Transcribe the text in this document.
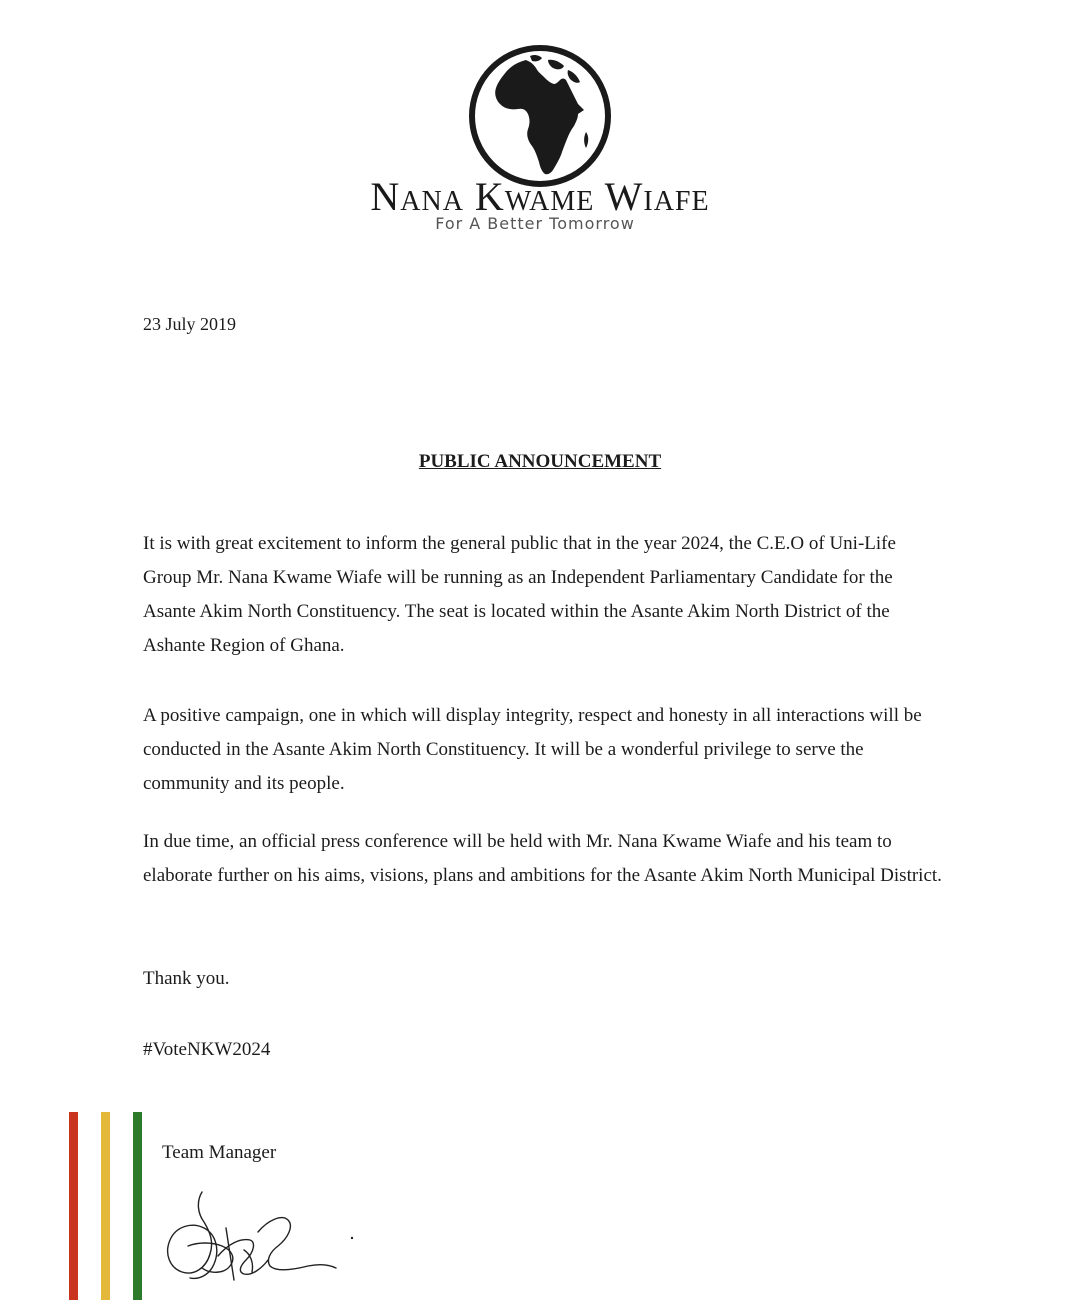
Nana Kwame Wiafe
For A Better Tomorrow
23 July 2019
PUBLIC ANNOUNCEMENT

It is with great excitement to inform the general public that in the year 2024, the C.E.O of Uni-Life Group Mr. Nana Kwame Wiafe will be running as an Independent Parliamentary Candidate for the Asante Akim North Constituency. The seat is located within the Asante Akim North District of the Ashante Region of Ghana.

A positive campaign, one in which will display integrity, respect and honesty in all interactions will be conducted in the Asante Akim North Constituency. It will be a wonderful privilege to serve the community and its people.

In due time, an official press conference will be held with Mr. Nana Kwame Wiafe and his team to elaborate further on his aims, visions, plans and ambitions for the Asante Akim North Municipal District.

Thank you.
#VoteNKW2024
Team Manager
